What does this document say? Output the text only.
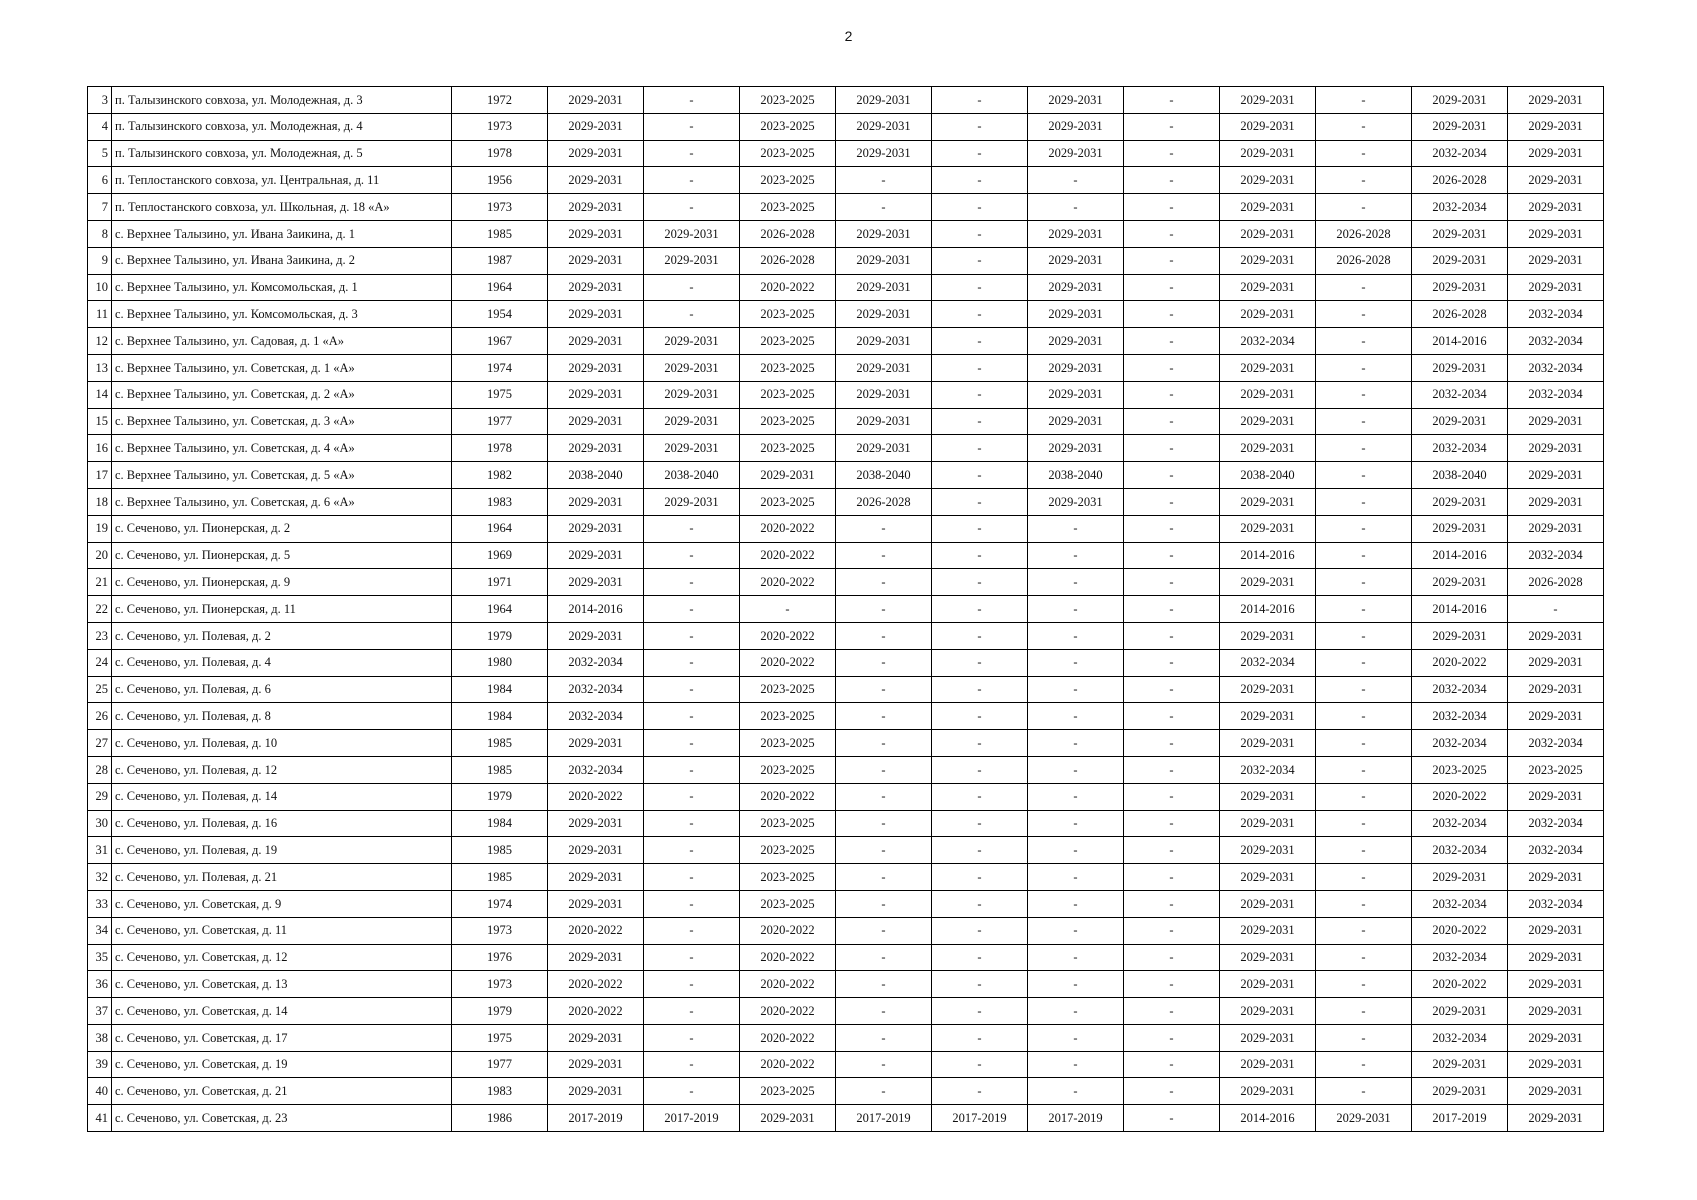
2
3	п. Талызинского совхоза, ул. Молодежная, д. 3	1972	2029-2031	-	2023-2025	2029-2031	-	2029-2031	-	2029-2031	-	2029-2031	2029-2031
4	п. Талызинского совхоза, ул. Молодежная, д. 4	1973	2029-2031	-	2023-2025	2029-2031	-	2029-2031	-	2029-2031	-	2029-2031	2029-2031
5	п. Талызинского совхоза, ул. Молодежная, д. 5	1978	2029-2031	-	2023-2025	2029-2031	-	2029-2031	-	2029-2031	-	2032-2034	2029-2031
6	п. Теплостанского совхоза, ул. Центральная, д. 11	1956	2029-2031	-	2023-2025	-	-	-	-	2029-2031	-	2026-2028	2029-2031
7	п. Теплостанского совхоза, ул. Школьная, д. 18 «А»	1973	2029-2031	-	2023-2025	-	-	-	-	2029-2031	-	2032-2034	2029-2031
8	с. Верхнее Талызино, ул. Ивана Заикина, д. 1	1985	2029-2031	2029-2031	2026-2028	2029-2031	-	2029-2031	-	2029-2031	2026-2028	2029-2031	2029-2031
9	с. Верхнее Талызино, ул. Ивана Заикина, д. 2	1987	2029-2031	2029-2031	2026-2028	2029-2031	-	2029-2031	-	2029-2031	2026-2028	2029-2031	2029-2031
10	с. Верхнее Талызино, ул. Комсомольская, д. 1	1964	2029-2031	-	2020-2022	2029-2031	-	2029-2031	-	2029-2031	-	2029-2031	2029-2031
11	с. Верхнее Талызино, ул. Комсомольская, д. 3	1954	2029-2031	-	2023-2025	2029-2031	-	2029-2031	-	2029-2031	-	2026-2028	2032-2034
12	с. Верхнее Талызино, ул. Садовая, д. 1 «А»	1967	2029-2031	2029-2031	2023-2025	2029-2031	-	2029-2031	-	2032-2034	-	2014-2016	2032-2034
13	с. Верхнее Талызино, ул. Советская, д. 1 «А»	1974	2029-2031	2029-2031	2023-2025	2029-2031	-	2029-2031	-	2029-2031	-	2029-2031	2032-2034
14	с. Верхнее Талызино, ул. Советская, д. 2 «А»	1975	2029-2031	2029-2031	2023-2025	2029-2031	-	2029-2031	-	2029-2031	-	2032-2034	2032-2034
15	с. Верхнее Талызино, ул. Советская, д. 3 «А»	1977	2029-2031	2029-2031	2023-2025	2029-2031	-	2029-2031	-	2029-2031	-	2029-2031	2029-2031
16	с. Верхнее Талызино, ул. Советская, д. 4 «А»	1978	2029-2031	2029-2031	2023-2025	2029-2031	-	2029-2031	-	2029-2031	-	2032-2034	2029-2031
17	с. Верхнее Талызино, ул. Советская, д. 5 «А»	1982	2038-2040	2038-2040	2029-2031	2038-2040	-	2038-2040	-	2038-2040	-	2038-2040	2029-2031
18	с. Верхнее Талызино, ул. Советская, д. 6 «А»	1983	2029-2031	2029-2031	2023-2025	2026-2028	-	2029-2031	-	2029-2031	-	2029-2031	2029-2031
19	с. Сеченово, ул. Пионерская, д. 2	1964	2029-2031	-	2020-2022	-	-	-	-	2029-2031	-	2029-2031	2029-2031
20	с. Сеченово, ул. Пионерская, д. 5	1969	2029-2031	-	2020-2022	-	-	-	-	2014-2016	-	2014-2016	2032-2034
21	с. Сеченово, ул. Пионерская, д. 9	1971	2029-2031	-	2020-2022	-	-	-	-	2029-2031	-	2029-2031	2026-2028
22	с. Сеченово, ул. Пионерская, д. 11	1964	2014-2016	-	-	-	-	-	-	2014-2016	-	2014-2016	-
23	с. Сеченово, ул. Полевая, д. 2	1979	2029-2031	-	2020-2022	-	-	-	-	2029-2031	-	2029-2031	2029-2031
24	с. Сеченово, ул. Полевая, д. 4	1980	2032-2034	-	2020-2022	-	-	-	-	2032-2034	-	2020-2022	2029-2031
25	с. Сеченово, ул. Полевая, д. 6	1984	2032-2034	-	2023-2025	-	-	-	-	2029-2031	-	2032-2034	2029-2031
26	с. Сеченово, ул. Полевая, д. 8	1984	2032-2034	-	2023-2025	-	-	-	-	2029-2031	-	2032-2034	2029-2031
27	с. Сеченово, ул. Полевая, д. 10	1985	2029-2031	-	2023-2025	-	-	-	-	2029-2031	-	2032-2034	2032-2034
28	с. Сеченово, ул. Полевая, д. 12	1985	2032-2034	-	2023-2025	-	-	-	-	2032-2034	-	2023-2025	2023-2025
29	с. Сеченово, ул. Полевая, д. 14	1979	2020-2022	-	2020-2022	-	-	-	-	2029-2031	-	2020-2022	2029-2031
30	с. Сеченово, ул. Полевая, д. 16	1984	2029-2031	-	2023-2025	-	-	-	-	2029-2031	-	2032-2034	2032-2034
31	с. Сеченово, ул. Полевая, д. 19	1985	2029-2031	-	2023-2025	-	-	-	-	2029-2031	-	2032-2034	2032-2034
32	с. Сеченово, ул. Полевая, д. 21	1985	2029-2031	-	2023-2025	-	-	-	-	2029-2031	-	2029-2031	2029-2031
33	с. Сеченово, ул. Советская, д. 9	1974	2029-2031	-	2023-2025	-	-	-	-	2029-2031	-	2032-2034	2032-2034
34	с. Сеченово, ул. Советская, д. 11	1973	2020-2022	-	2020-2022	-	-	-	-	2029-2031	-	2020-2022	2029-2031
35	с. Сеченово, ул. Советская, д. 12	1976	2029-2031	-	2020-2022	-	-	-	-	2029-2031	-	2032-2034	2029-2031
36	с. Сеченово, ул. Советская, д. 13	1973	2020-2022	-	2020-2022	-	-	-	-	2029-2031	-	2020-2022	2029-2031
37	с. Сеченово, ул. Советская, д. 14	1979	2020-2022	-	2020-2022	-	-	-	-	2029-2031	-	2029-2031	2029-2031
38	с. Сеченово, ул. Советская, д. 17	1975	2029-2031	-	2020-2022	-	-	-	-	2029-2031	-	2032-2034	2029-2031
39	с. Сеченово, ул. Советская, д. 19	1977	2029-2031	-	2020-2022	-	-	-	-	2029-2031	-	2029-2031	2029-2031
40	с. Сеченово, ул. Советская, д. 21	1983	2029-2031	-	2023-2025	-	-	-	-	2029-2031	-	2029-2031	2029-2031
41	с. Сеченово, ул. Советская, д. 23	1986	2017-2019	2017-2019	2029-2031	2017-2019	2017-2019	2017-2019	-	2014-2016	2029-2031	2017-2019	2029-2031
